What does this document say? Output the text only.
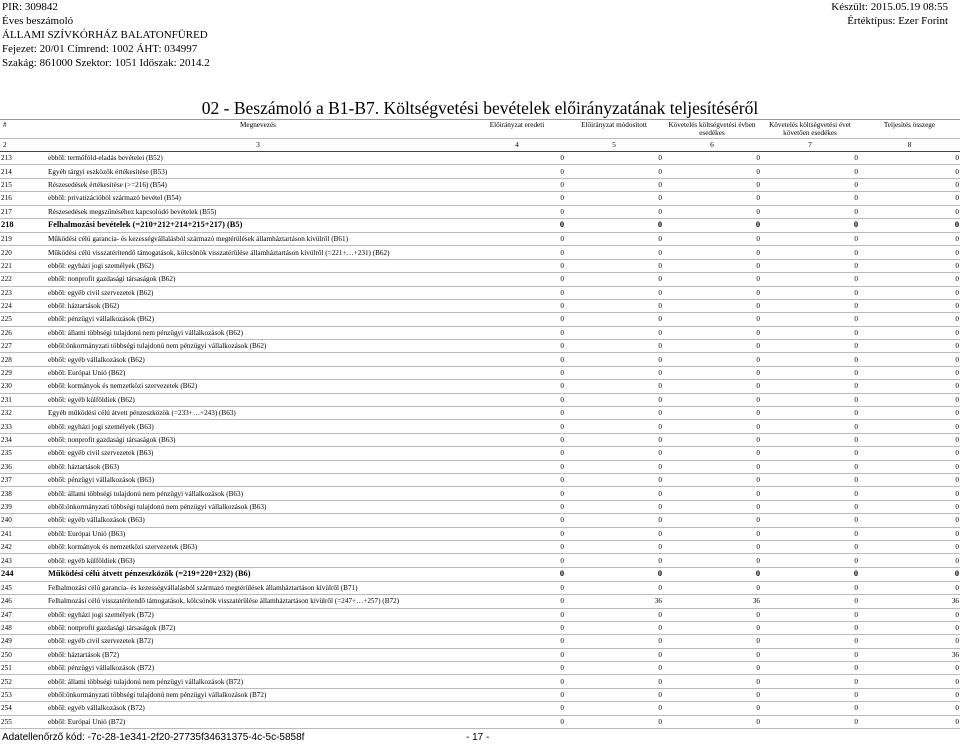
PIR: 309842
Éves beszámoló
ÁLLAMI SZÍVKÓRHÁZ BALATONFÜRED
Fejezet: 20/01 Címrend: 1002 ÁHT: 034997
Szakág: 861000 Szektor: 1051 Időszak: 2014.2
Készült: 2015.05.19 08:55
Értéktípus: Ezer Forint
02 - Beszámoló a B1-B7. Költségvetési bevételek előirányzatának teljesítéséről
#	Megnevezés	Előirányzat eredeti	Előirányzat módosított	Követelés költségvetési évben esedékes	Követelés költségvetési évet követően esedékes	Teljesítés összege
2	3	4	5	6	7	8
213	ebből: termőföld-eladás bevételei (B52)	0	0	0	0	0
214	Egyéb tárgyi eszközök értékesítése (B53)	0	0	0	0	0
215	Részesedések értékesítése (>=216) (B54)	0	0	0	0	0
216	ebből: privatizációból származó bevétel (B54)	0	0	0	0	0
217	Részesedések megszűnéséhez kapcsolódó bevételek (B55)	0	0	0	0	0
218	Felhalmozási bevételek (=210+212+214+215+217) (B5)	0	0	0	0	0
219	Működési célú garancia- és kezességvállalásból származó megtérülések államháztartáson kívülről (B61)	0	0	0	0	0
220	Működési célú visszatérítendő támogatások, kölcsönök visszatérülése államháztartáson kívülről (=221+…+231) (B62)	0	0	0	0	0
221	ebből: egyházi jogi személyek (B62)	0	0	0	0	0
222	ebből: nonprofit gazdasági társaságok (B62)	0	0	0	0	0
223	ebből: egyéb civil szervezetek (B62)	0	0	0	0	0
224	ebből: háztartások (B62)	0	0	0	0	0
225	ebből: pénzügyi vállalkozások (B62)	0	0	0	0	0
226	ebből: állami többségi tulajdonú nem pénzügyi vállalkozások (B62)	0	0	0	0	0
227	ebből:önkormányzati többségi tulajdonú nem pénzügyi vállalkozások (B62)	0	0	0	0	0
228	ebből: egyéb vállalkozások (B62)	0	0	0	0	0
229	ebből: Európai Unió (B62)	0	0	0	0	0
230	ebből: kormányok és nemzetközi szervezetek (B62)	0	0	0	0	0
231	ebből: egyéb külföldiek (B62)	0	0	0	0	0
232	Egyéb működési célú átvett pénzeszközök (=233+…+243) (B63)	0	0	0	0	0
233	ebből: egyházi jogi személyek (B63)	0	0	0	0	0
234	ebből: nonprofit gazdasági társaságok (B63)	0	0	0	0	0
235	ebből: egyéb civil szervezetek (B63)	0	0	0	0	0
236	ebből: háztartások (B63)	0	0	0	0	0
237	ebből: pénzügyi vállalkozások (B63)	0	0	0	0	0
238	ebből: állami többségi tulajdonú nem pénzügyi vállalkozások (B63)	0	0	0	0	0
239	ebből:önkormányzati többségi tulajdonú nem pénzügyi vállalkozások (B63)	0	0	0	0	0
240	ebből: egyéb vállalkozások (B63)	0	0	0	0	0
241	ebből: Európai Unió (B63)	0	0	0	0	0
242	ebből: kormányok és nemzetközi szervezetek (B63)	0	0	0	0	0
243	ebből: egyéb külföldiek (B63)	0	0	0	0	0
244	Működési célú átvett pénzeszközök (=219+220+232) (B6)	0	0	0	0	0
245	Felhalmozási célú garancia- és kezességvállalásból származó megtérülések államháztartáson kívülről (B71)	0	0	0	0	0
246	Felhalmozási célú visszatérítendő támogatások, kölcsönök visszatérülése államháztartáson kívülről (=247+…+257) (B72)	0	36	36	0	36
247	ebből: egyházi jogi személyek (B72)	0	0	0	0	0
248	ebből: nonprofit gazdasági társaságok (B72)	0	0	0	0	0
249	ebből: egyéb civil szervezetek (B72)	0	0	0	0	0
250	ebből: háztartások (B72)	0	0	0	0	36
251	ebből: pénzügyi vállalkozások (B72)	0	0	0	0	0
252	ebből: állami többségi tulajdonú nem pénzügyi vállalkozások (B72)	0	0	0	0	0
253	ebből:önkormányzati többségi tulajdonú nem pénzügyi vállalkozások (B72)	0	0	0	0	0
254	ebből: egyéb vállalkozások (B72)	0	0	0	0	0
255	ebből: Európai Unió (B72)	0	0	0	0	0
Adatellenőrző kód: -7c-28-1e341-2f20-27735f34631375-4c-5c-5858f	- 17 -
